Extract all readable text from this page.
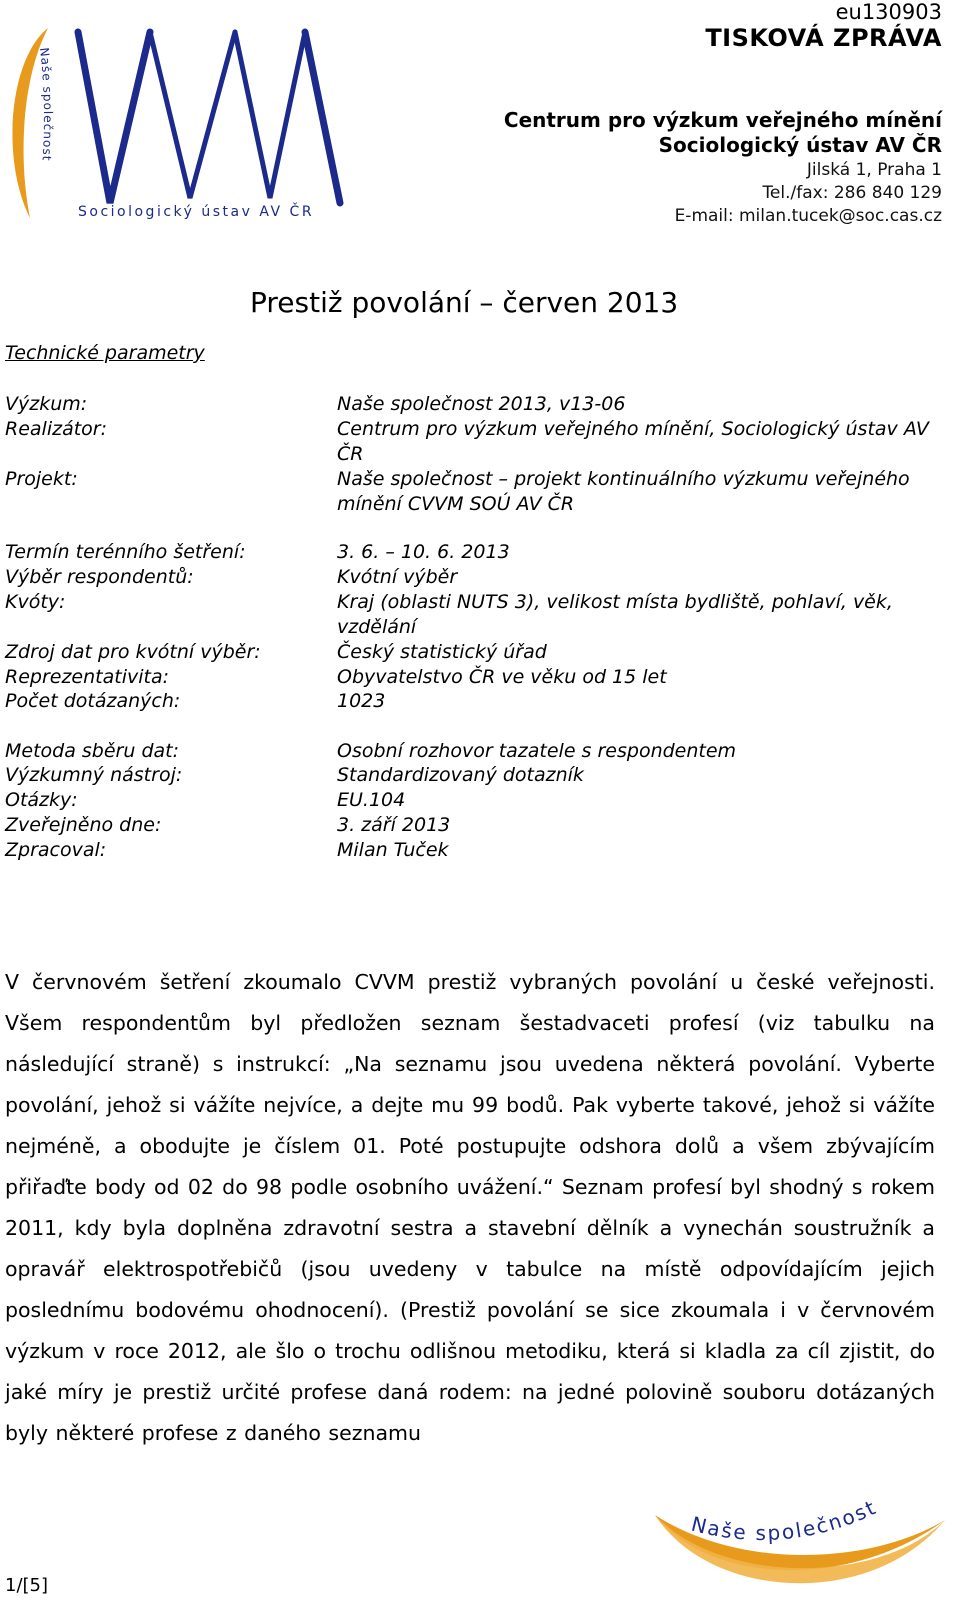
Naše společnost
Sociologický ústav AV ČR
eu130903
TISKOVÁ ZPRÁVA
Centrum pro výzkum veřejného mínění
Sociologický ústav AV ČR
Jilská 1, Praha 1
Tel./fax: 286 840 129
E-mail: milan.tucek@soc.cas.cz
Prestiž povolání – červen 2013
Technické parametry
Výzkum:	Naše společnost 2013, v13-06
Realizátor:	Centrum pro výzkum veřejného mínění, Sociologický ústav AV ČR
Projekt:	Naše společnost – projekt kontinuálního výzkumu veřejného mínění CVVM SOÚ AV ČR
Termín terénního šetření:	3. 6. – 10. 6. 2013
Výběr respondentů:	Kvótní výběr
Kvóty:	Kraj (oblasti NUTS 3), velikost místa bydliště, pohlaví, věk, vzdělání
Zdroj dat pro kvótní výběr:	Český statistický úřad
Reprezentativita:	Obyvatelstvo ČR ve věku od 15 let
Počet dotázaných:	1023
Metoda sběru dat:	Osobní rozhovor tazatele s respondentem
Výzkumný nástroj:	Standardizovaný dotazník
Otázky:	EU.104
Zveřejněno dne:	3. září 2013
Zpracoval:	Milan Tuček
V červnovém šetření zkoumalo CVVM prestiž vybraných povolání u české veřejnosti. Všem respondentům byl předložen seznam šestadvaceti profesí (viz tabulku na následující straně) s instrukcí: „Na seznamu jsou uvedena některá povolání. Vyberte povolání, jehož si vážíte nejvíce, a dejte mu 99 bodů. Pak vyberte takové, jehož si vážíte nejméně, a obodujte je číslem 01. Poté postupujte odshora dolů a všem zbývajícím přiřaďte body od 02 do 98 podle osobního uvážení.“ Seznam profesí byl shodný s rokem 2011, kdy byla doplněna zdravotní sestra a stavební dělník a vynechán soustružník a opravář elektrospotřebičů (jsou uvedeny v tabulce na místě odpovídajícím jejich poslednímu bodovému ohodnocení). (Prestiž povolání se sice zkoumala i v červnovém výzkum v roce 2012, ale šlo o trochu odlišnou metodiku, která si kladla za cíl zjistit, do jaké míry je prestiž určité profese daná rodem: na jedné polovině souboru dotázaných byly některé profese z daného seznamu
1/[5]
Naše společnost
